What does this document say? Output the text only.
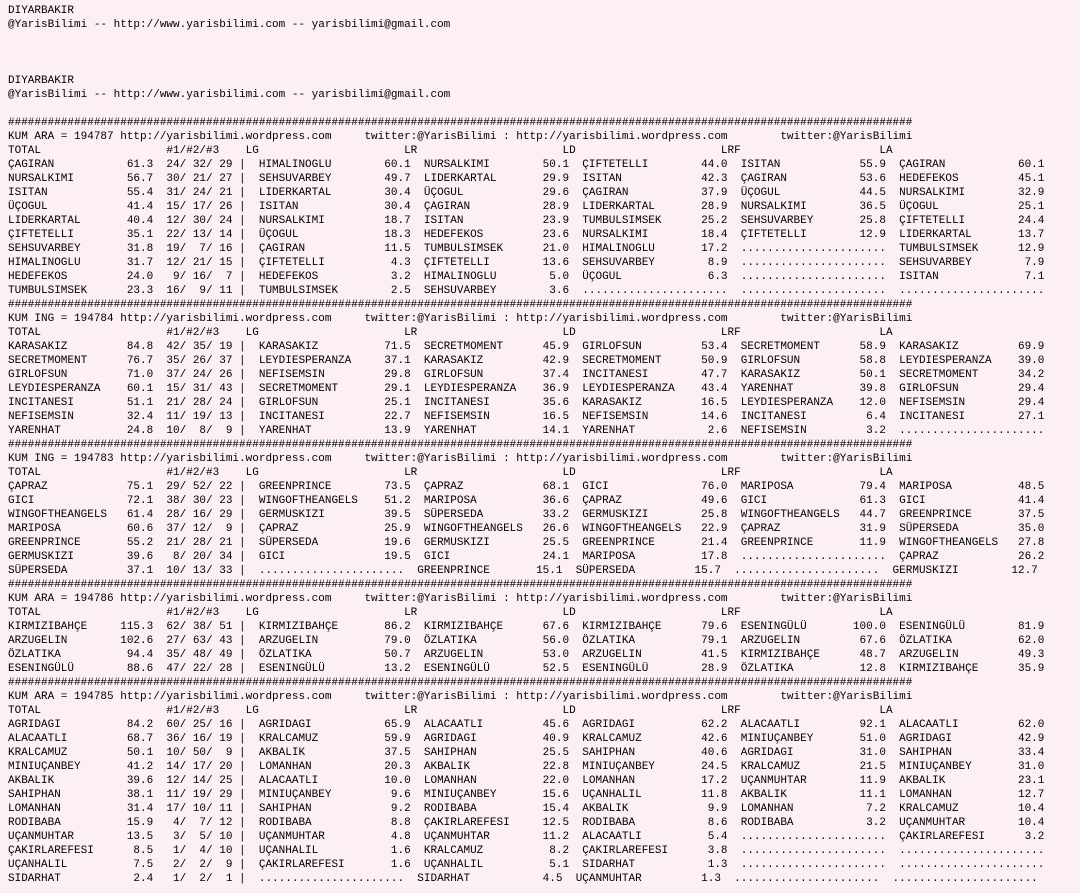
DIYARBAKIR
@YarisBilimi -- http://www.yarisbilimi.com -- yarisbilimi@gmail.com
DIYARBAKIR
@YarisBilimi -- http://www.yarisbilimi.com -- yarisbilimi@gmail.com
#########################################################################################################################################
KUM ARA = 194787 http://yarisbilimi.wordpress.com     twitter:@YarisBilimi : http://yarisbilimi.wordpress.com        twitter:@YarisBilimi
TOTAL                   #1/#2/#3    LG                      LR                      LD                      LRF                     LA
ÇAGIRAN           61.3  24/ 32/ 29 |  HIMALINOGLU        60.1  NURSALKIMI        50.1  ÇIFTETELLI        44.0  ISITAN            55.9  ÇAGIRAN           60.1
NURSALKIMI        56.7  30/ 21/ 27 |  SEHSUVARBEY        49.7  LIDERKARTAL       29.9  ISITAN            42.3  ÇAGIRAN           53.6  HEDEFEKOS         45.1
ISITAN            55.4  31/ 24/ 21 |  LIDERKARTAL        30.4  ÜÇOGUL            29.6  ÇAGIRAN           37.9  ÜÇOGUL            44.5  NURSALKIMI        32.9
ÜÇOGUL            41.4  15/ 17/ 26 |  ISITAN             30.4  ÇAGIRAN           28.9  LIDERKARTAL       28.9  NURSALKIMI        36.5  ÜÇOGUL            25.1
LIDERKARTAL       40.4  12/ 30/ 24 |  NURSALKIMI         18.7  ISITAN            23.9  TUMBULSIMSEK      25.2  SEHSUVARBEY       25.8  ÇIFTETELLI        24.4
ÇIFTETELLI        35.1  22/ 13/ 14 |  ÜÇOGUL             18.3  HEDEFEKOS         23.6  NURSALKIMI        18.4  ÇIFTETELLI        12.9  LIDERKARTAL       13.7
SEHSUVARBEY       31.8  19/  7/ 16 |  ÇAGIRAN            11.5  TUMBULSIMSEK      21.0  HIMALINOGLU       17.2  ......................  TUMBULSIMSEK      12.9
HIMALINOGLU       31.7  12/ 21/ 15 |  ÇIFTETELLI          4.3  ÇIFTETELLI        13.6  SEHSUVARBEY        8.9  ......................  SEHSUVARBEY        7.9
HEDEFEKOS         24.0   9/ 16/  7 |  HEDEFEKOS           3.2  HIMALINOGLU        5.0  ÜÇOGUL             6.3  ......................  ISITAN             7.1
TUMBULSIMSEK      23.3  16/  9/ 11 |  TUMBULSIMSEK        2.5  SEHSUVARBEY        3.6  ......................  ......................  ......................
#########################################################################################################################################
KUM ING = 194784 http://yarisbilimi.wordpress.com     twitter:@YarisBilimi : http://yarisbilimi.wordpress.com        twitter:@YarisBilimi
TOTAL                   #1/#2/#3    LG                      LR                      LD                      LRF                     LA
KARASAKIZ         84.8  42/ 35/ 19 |  KARASAKIZ          71.5  SECRETMOMENT      45.9  GIRLOFSUN         53.4  SECRETMOMENT      58.9  KARASAKIZ         69.9
SECRETMOMENT      76.7  35/ 26/ 37 |  LEYDIESPERANZA     37.1  KARASAKIZ         42.9  SECRETMOMENT      50.9  GIRLOFSUN         58.8  LEYDIESPERANZA    39.0
GIRLOFSUN         71.0  37/ 24/ 26 |  NEFISEMSIN         29.8  GIRLOFSUN         37.4  INCITANESI        47.7  KARASAKIZ         50.1  SECRETMOMENT      34.2
LEYDIESPERANZA    60.1  15/ 31/ 43 |  SECRETMOMENT       29.1  LEYDIESPERANZA    36.9  LEYDIESPERANZA    43.4  YARENHAT          39.8  GIRLOFSUN         29.4
INCITANESI        51.1  21/ 28/ 24 |  GIRLOFSUN          25.1  INCITANESI        35.6  KARASAKIZ         16.5  LEYDIESPERANZA    12.0  NEFISEMSIN        29.4
NEFISEMSIN        32.4  11/ 19/ 13 |  INCITANESI         22.7  NEFISEMSIN        16.5  NEFISEMSIN        14.6  INCITANESI         6.4  INCITANESI        27.1
YARENHAT          24.8  10/  8/  9 |  YARENHAT           13.9  YARENHAT          14.1  YARENHAT           2.6  NEFISEMSIN         3.2  ......................
#########################################################################################################################################
KUM ING = 194783 http://yarisbilimi.wordpress.com     twitter:@YarisBilimi : http://yarisbilimi.wordpress.com        twitter:@YarisBilimi
TOTAL                   #1/#2/#3    LG                      LR                      LD                      LRF                     LA
ÇAPRAZ            75.1  29/ 52/ 22 |  GREENPRINCE        73.5  ÇAPRAZ            68.1  GICI              76.0  MARIPOSA          79.4  MARIPOSA          48.5
GICI              72.1  38/ 30/ 23 |  WINGOFTHEANGELS    51.2  MARIPOSA          36.6  ÇAPRAZ            49.6  GICI              61.3  GICI              41.4
WINGOFTHEANGELS   61.4  28/ 16/ 29 |  GERMUSKIZI         39.5  SÜPERSEDA         33.2  GERMUSKIZI        25.8  WINGOFTHEANGELS   44.7  GREENPRINCE       37.5
MARIPOSA          60.6  37/ 12/  9 |  ÇAPRAZ             25.9  WINGOFTHEANGELS   26.6  WINGOFTHEANGELS   22.9  ÇAPRAZ            31.9  SÜPERSEDA         35.0
GREENPRINCE       55.2  21/ 28/ 21 |  SÜPERSEDA          19.6  GERMUSKIZI        25.5  GREENPRINCE       21.4  GREENPRINCE       11.9  WINGOFTHEANGELS   27.8
GERMUSKIZI        39.6   8/ 20/ 34 |  GICI               19.5  GICI              24.1  MARIPOSA          17.8  ......................  ÇAPRAZ            26.2
SÜPERSEDA         37.1  10/ 13/ 33 |  ......................  GREENPRINCE       15.1  SÜPERSEDA         15.7  ......................  GERMUSKIZI        12.7
#########################################################################################################################################
KUM ARA = 194786 http://yarisbilimi.wordpress.com     twitter:@YarisBilimi : http://yarisbilimi.wordpress.com        twitter:@YarisBilimi
TOTAL                   #1/#2/#3    LG                      LR                      LD                      LRF                     LA
KIRMIZIBAHÇE     115.3  62/ 38/ 51 |  KIRMIZIBAHÇE       86.2  KIRMIZIBAHÇE      67.6  KIRMIZIBAHÇE      79.6  ESENINGÜLÜ       100.0  ESENINGÜLÜ        81.9
ARZUGELIN        102.6  27/ 63/ 43 |  ARZUGELIN          79.0  ÖZLATIKA          56.0  ÖZLATIKA          79.1  ARZUGELIN         67.6  ÖZLATIKA          62.0
ÖZLATIKA          94.4  35/ 48/ 49 |  ÖZLATIKA           50.7  ARZUGELIN         53.0  ARZUGELIN         41.5  KIRMIZIBAHÇE      48.7  ARZUGELIN         49.3
ESENINGÜLÜ        88.6  47/ 22/ 28 |  ESENINGÜLÜ         13.2  ESENINGÜLÜ        52.5  ESENINGÜLÜ        28.9  ÖZLATIKA          12.8  KIRMIZIBAHÇE      35.9
#########################################################################################################################################
KUM ARA = 194785 http://yarisbilimi.wordpress.com     twitter:@YarisBilimi : http://yarisbilimi.wordpress.com        twitter:@YarisBilimi
TOTAL                   #1/#2/#3    LG                      LR                      LD                      LRF                     LA
AGRIDAGI          84.2  60/ 25/ 16 |  AGRIDAGI           65.9  ALACAATLI         45.6  AGRIDAGI          62.2  ALACAATLI         92.1  ALACAATLI         62.0
ALACAATLI         68.7  36/ 16/ 19 |  KRALCAMUZ          59.9  AGRIDAGI          40.9  KRALCAMUZ         42.6  MINIUÇANBEY       51.0  AGRIDAGI          42.9
KRALCAMUZ         50.1  10/ 50/  9 |  AKBALIK            37.5  SAHIPHAN          25.5  SAHIPHAN          40.6  AGRIDAGI          31.0  SAHIPHAN          33.4
MINIUÇANBEY       41.2  14/ 17/ 20 |  LOMANHAN           20.3  AKBALIK           22.8  MINIUÇANBEY       24.5  KRALCAMUZ         21.5  MINIUÇANBEY       31.0
AKBALIK           39.6  12/ 14/ 25 |  ALACAATLI          10.0  LOMANHAN          22.0  LOMANHAN          17.2  UÇANMUHTAR        11.9  AKBALIK           23.1
SAHIPHAN          38.1  11/ 19/ 29 |  MINIUÇANBEY         9.6  MINIUÇANBEY       15.6  UÇANHALIL         11.8  AKBALIK           11.1  LOMANHAN          12.7
LOMANHAN          31.4  17/ 10/ 11 |  SAHIPHAN            9.2  RODIBABA          15.4  AKBALIK            9.9  LOMANHAN           7.2  KRALCAMUZ         10.4
RODIBABA          15.9   4/  7/ 12 |  RODIBABA            8.8  ÇAKIRLAREFESI     12.5  RODIBABA           8.6  RODIBABA           3.2  UÇANMUHTAR        10.4
UÇANMUHTAR        13.5   3/  5/ 10 |  UÇANMUHTAR          4.8  UÇANMUHTAR        11.2  ALACAATLI          5.4  ......................  ÇAKIRLAREFESI      3.2
ÇAKIRLAREFESI      8.5   1/  4/ 10 |  UÇANHALIL           1.6  KRALCAMUZ          8.2  ÇAKIRLAREFESI      3.8  ......................  ......................
UÇANHALIL          7.5   2/  2/  9 |  ÇAKIRLAREFESI       1.6  UÇANHALIL          5.1  SIDARHAT           1.3  ......................  ......................
SIDARHAT           2.4   1/  2/  1 |  ......................  SIDARHAT           4.5  UÇANMUHTAR         1.3  ......................  ......................
